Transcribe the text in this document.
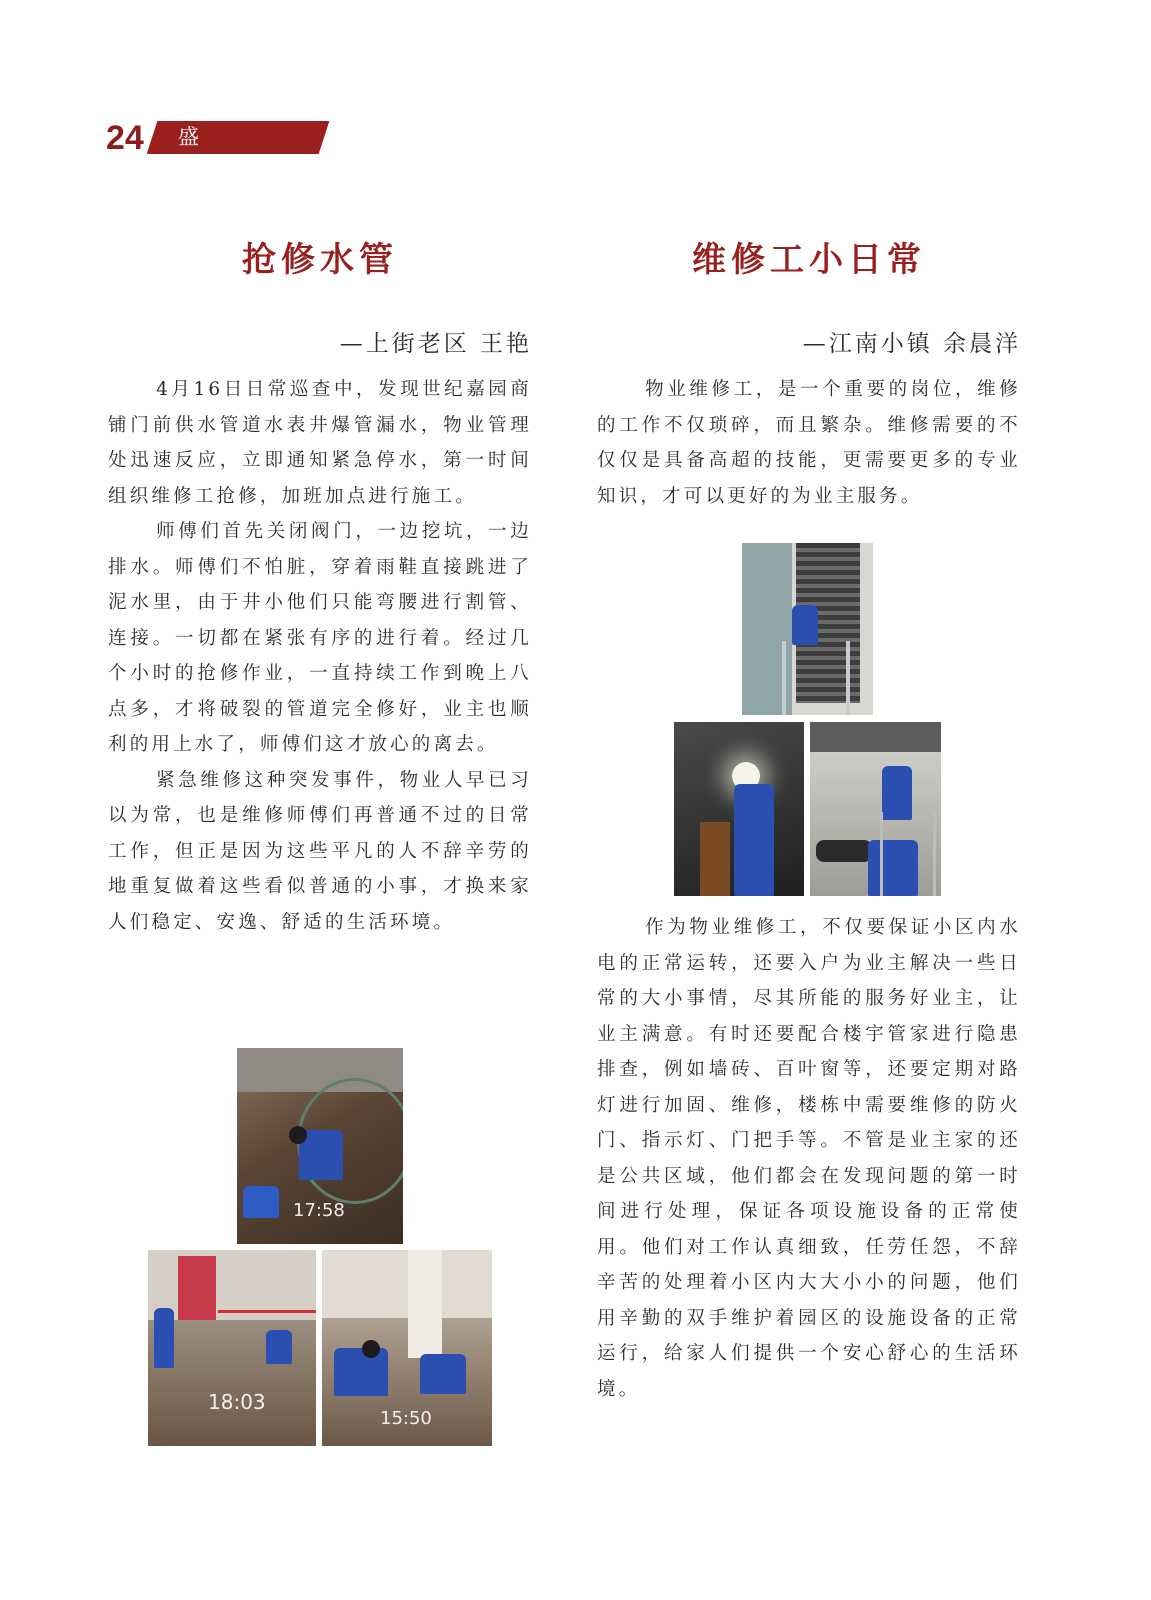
24 盛世物业
抢修水管
—上街老区 王艳

4月16日日常巡查中，发现世纪嘉园商铺门前供水管道水表井爆管漏水，物业管理处迅速反应，立即通知紧急停水，第一时间组织维修工抢修，加班加点进行施工。

师傅们首先关闭阀门，一边挖坑，一边排水。师傅们不怕脏，穿着雨鞋直接跳进了泥水里，由于井小他们只能弯腰进行割管、连接。一切都在紧张有序的进行着。经过几个小时的抢修作业，一直持续工作到晚上八点多，才将破裂的管道完全修好，业主也顺利的用上水了，师傅们这才放心的离去。

紧急维修这种突发事件，物业人早已习以为常，也是维修师傅们再普通不过的日常工作，但正是因为这些平凡的人不辞辛劳的地重复做着这些看似普通的小事，才换来家人们稳定、安逸、舒适的生活环境。

维修工小日常
—江南小镇 余晨洋

物业维修工，是一个重要的岗位，维修的工作不仅琐碎，而且繁杂。维修需要的不仅仅是具备高超的技能，更需要更多的专业知识，才可以更好的为业主服务。

作为物业维修工，不仅要保证小区内水电的正常运转，还要入户为业主解决一些日常的大小事情，尽其所能的服务好业主，让业主满意。有时还要配合楼宇管家进行隐患排查，例如墙砖、百叶窗等，还要定期对路灯进行加固、维修，楼栋中需要维修的防火门、指示灯、门把手等。不管是业主家的还是公共区域，他们都会在发现问题的第一时间进行处理，保证各项设施设备的正常使用。他们对工作认真细致，任劳任怨，不辞辛苦的处理着小区内大大小小的问题，他们用辛勤的双手维护着园区的设施设备的正常运行，给家人们提供一个安心舒心的生活环境。

17:58
18:03
15:50
